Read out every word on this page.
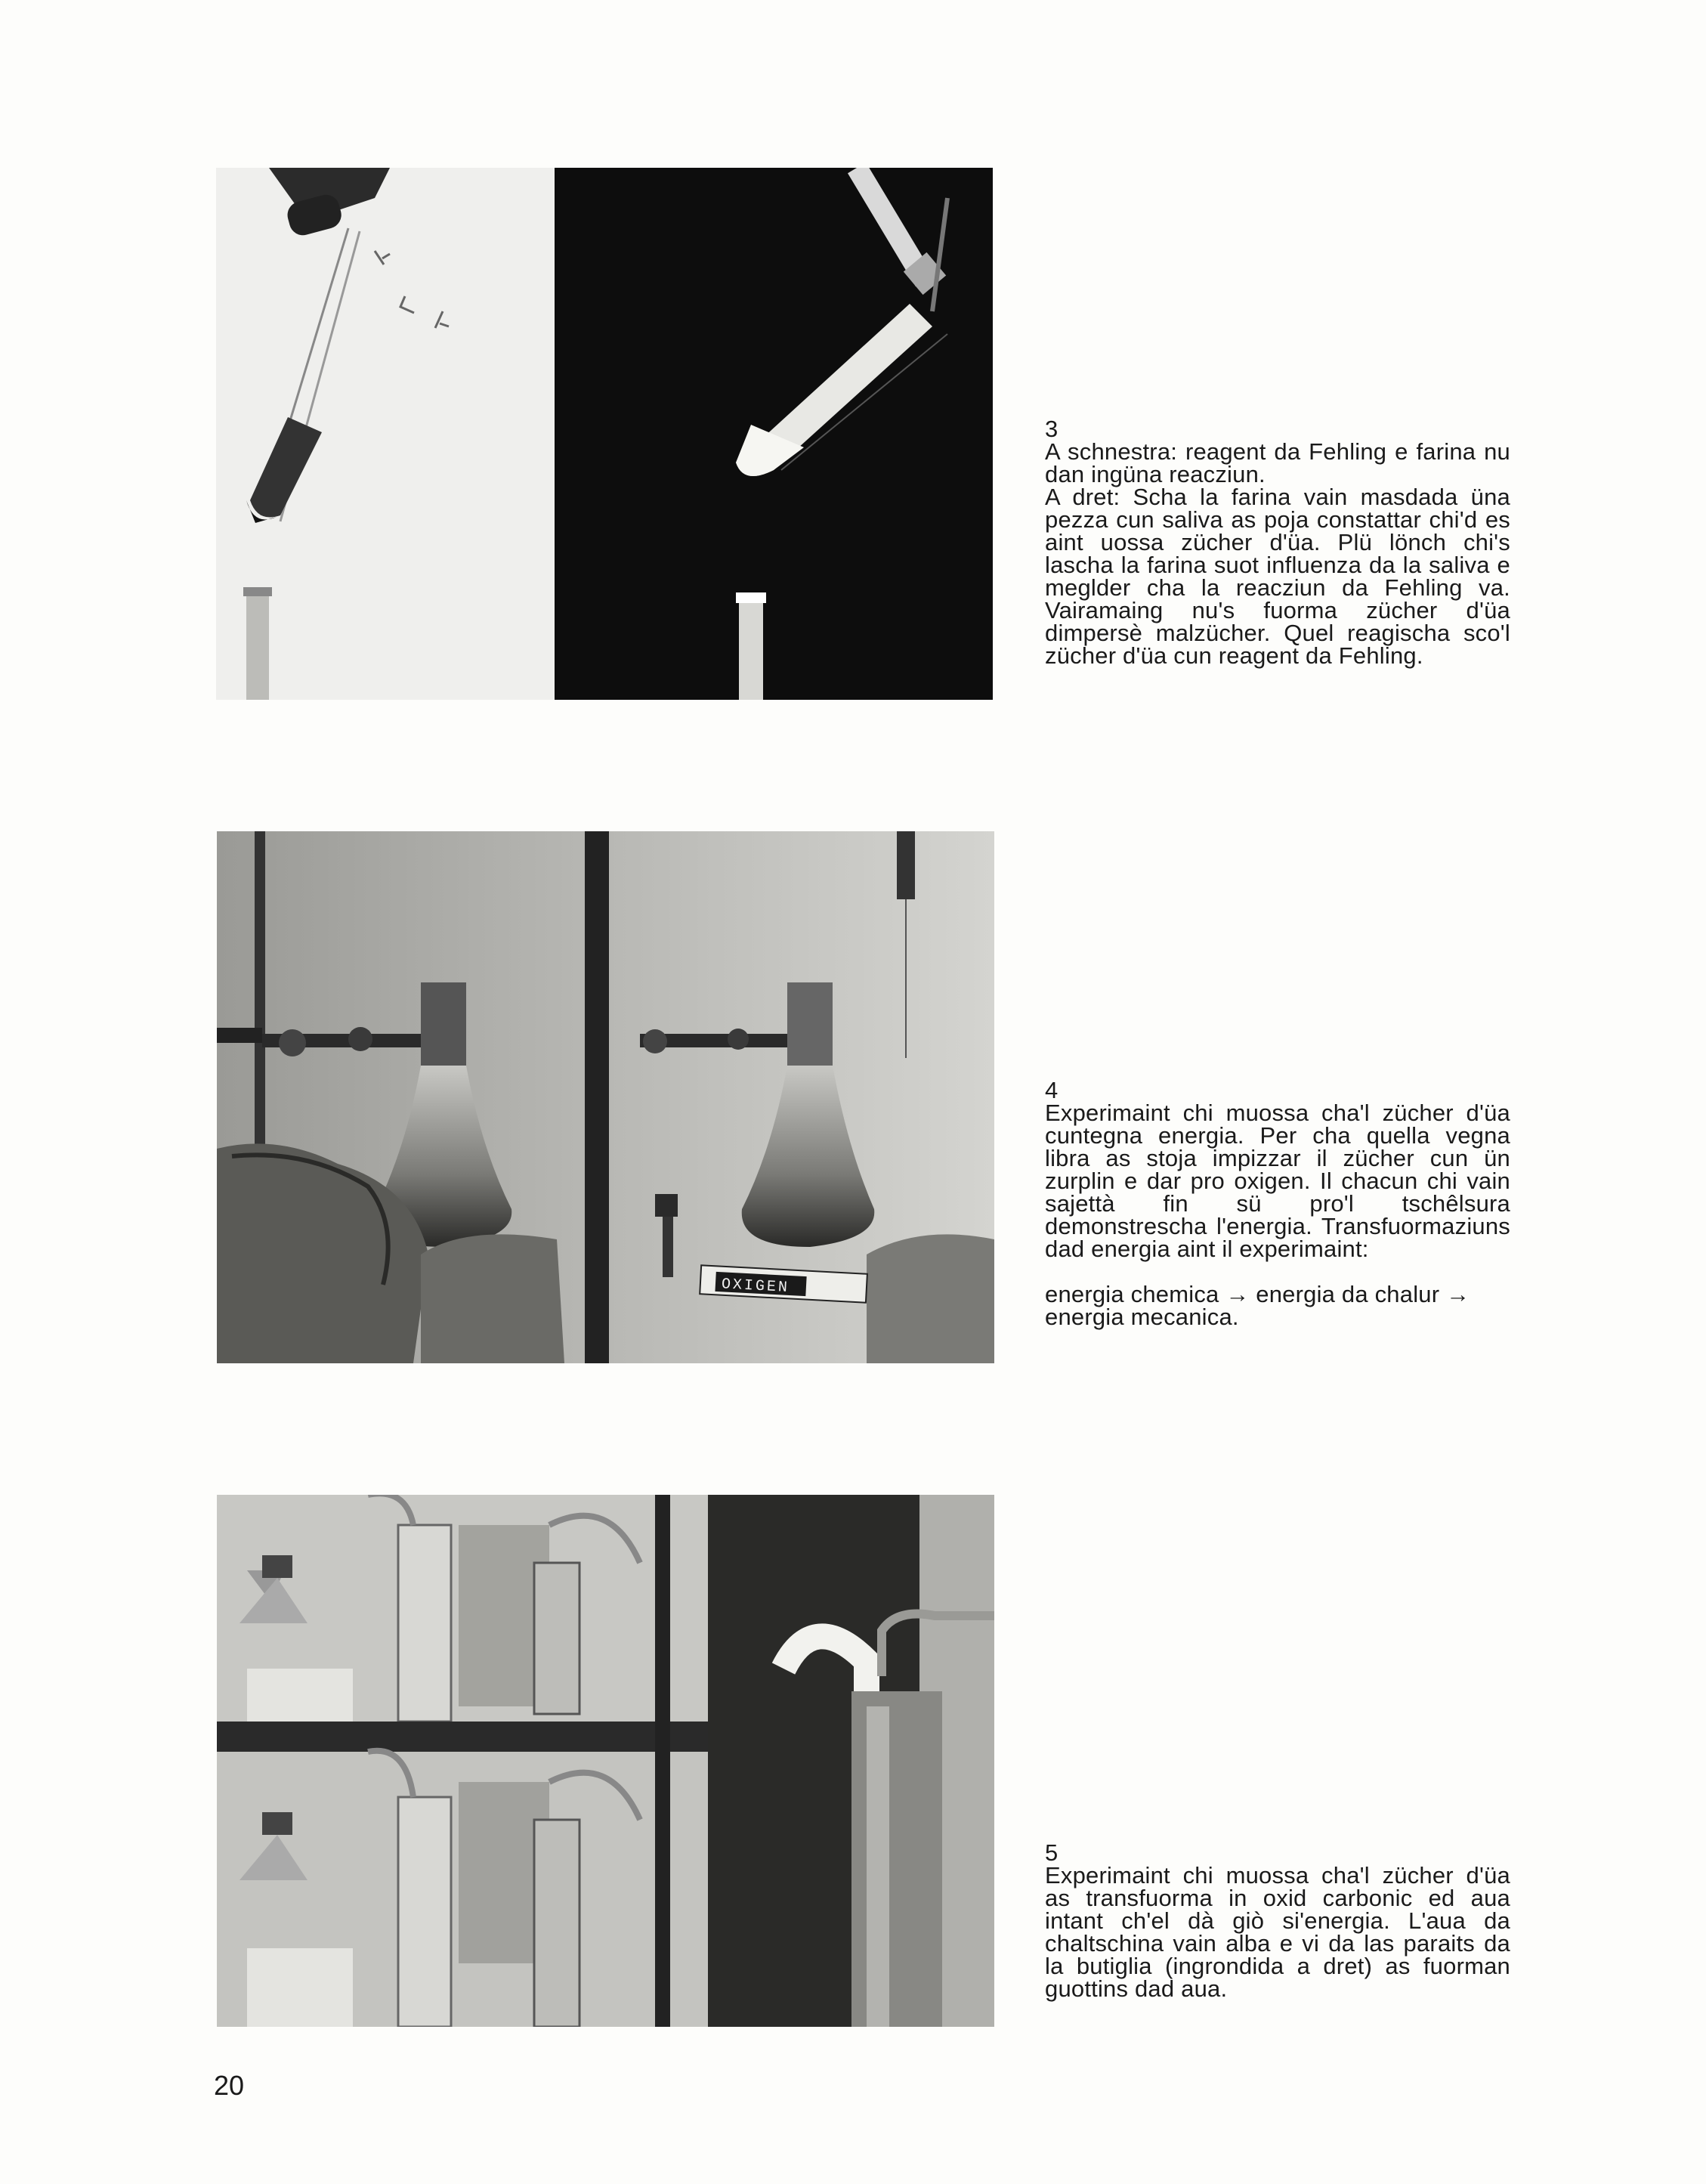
3

A schnestra: reagent da Fehling e farina nu dan ingüna reacziun.

A dret: Scha la farina vain masdada üna pezza cun saliva as poja constattar chi'd es aint uossa zücher d'üa. Plü lönch chi's lascha la farina suot influenza da la saliva e meglder cha la reacziun da Fehling va. Vairamaing nu's fuorma zücher d'üa dimpersè malzücher. Quel reagischa sco'l zücher d'üa cun reagent da Fehling.

OXIGEN

4

Experimaint chi muossa cha'l zücher d'üa cuntegna energia. Per cha quella vegna libra as stoja impizzar il zücher cun ün zurplin e dar pro oxigen. Il chacun chi vain sajettà fin sü pro'l tschêlsura demonstrescha l'energia. Transfuormaziuns dad energia aint il experimaint:

energia chemica → energia da chalur → energia mecanica.

5

Experimaint chi muossa cha'l zücher d'üa as transfuorma in oxid carbonic ed aua intant ch'el dà giò si'energia. L'aua da chaltschina vain alba e vi da las paraits da la butiglia (ingrondida a dret) as fuorman guottins dad aua.

20
